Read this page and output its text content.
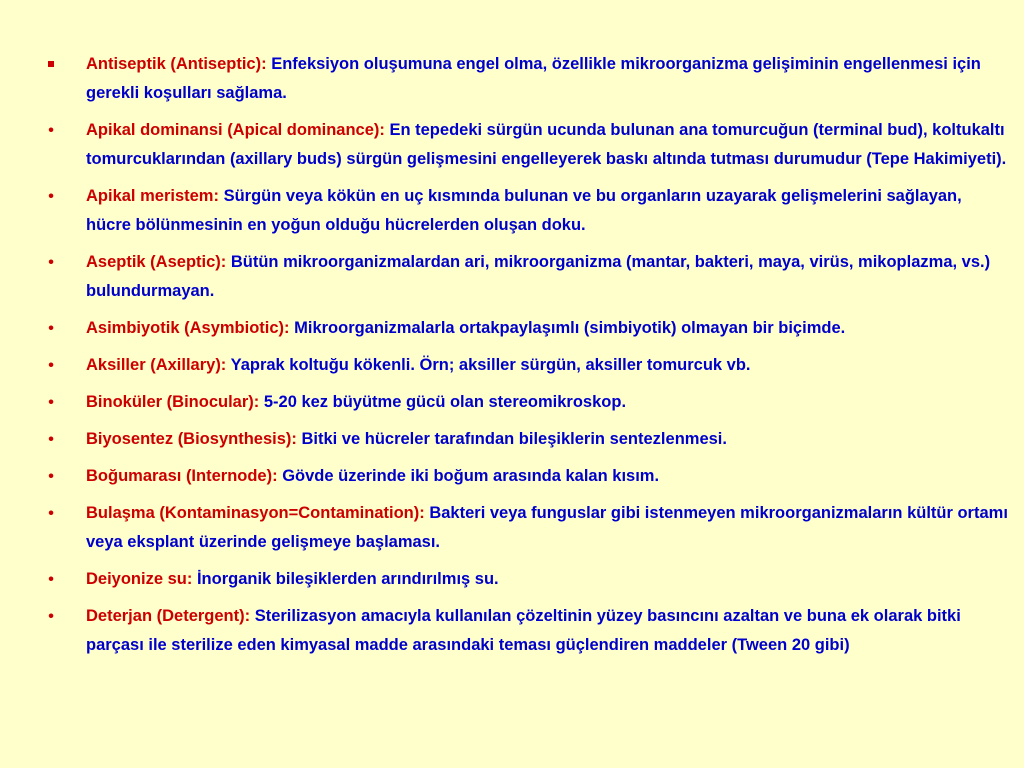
Antiseptik (Antiseptic): Enfeksiyon oluşumuna engel olma, özellikle mikroorganizma gelişiminin engellenmesi için gerekli koşulları sağlama.
•
Apikal dominansi (Apical dominance): En tepedeki sürgün ucunda bulunan ana tomurcuğun (terminal bud), koltukaltı tomurcuklarından (axillary buds) sürgün gelişmesini engelleyerek baskı altında tutması durumudur (Tepe Hakimiyeti).
•
Apikal meristem: Sürgün veya kökün en uç kısmında bulunan ve bu organların uzayarak gelişmelerini sağlayan, hücre bölünmesinin en yoğun olduğu hücrelerden oluşan doku.
•
Aseptik (Aseptic): Bütün mikroorganizmalardan ari, mikroorganizma (mantar, bakteri, maya, virüs, mikoplazma, vs.) bulundurmayan.
•
Asimbiyotik (Asymbiotic): Mikroorganizmalarla ortakpaylaşımlı (simbiyotik) olmayan bir biçimde.
•
Aksiller (Axillary): Yaprak koltuğu kökenli. Örn; aksiller sürgün, aksiller tomurcuk vb.
•
Binoküler (Binocular): 5-20 kez büyütme gücü olan stereomikroskop.
•
Biyosentez (Biosynthesis): Bitki ve hücreler tarafından bileşiklerin sentezlenmesi.
•
Boğumarası (Internode): Gövde üzerinde iki boğum arasında kalan kısım.
•
Bulaşma (Kontaminasyon=Contamination): Bakteri veya funguslar gibi istenmeyen mikroorganizmaların kültür ortamı veya eksplant üzerinde gelişmeye başlaması.
•
Deiyonize su: İnorganik bileşiklerden arındırılmış su.
•
Deterjan (Detergent): Sterilizasyon amacıyla kullanılan çözeltinin yüzey basıncını azaltan ve buna ek olarak bitki parçası ile sterilize eden kimyasal madde arasındaki teması güçlendiren maddeler (Tween 20 gibi)
